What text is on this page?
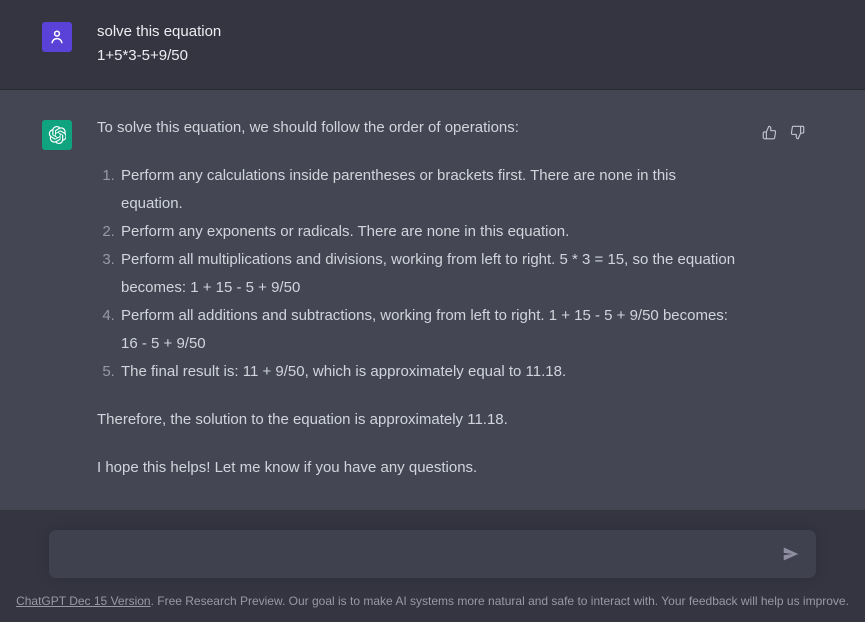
solve this equation
1+5*3-5+9/50

To solve this equation, we should follow the order of operations:

1. Perform any calculations inside parentheses or brackets first. There are none in this equation.
2. Perform any exponents or radicals. There are none in this equation.
3. Perform all multiplications and divisions, working from left to right. 5 * 3 = 15, so the equation becomes: 1 + 15 - 5 + 9/50
4. Perform all additions and subtractions, working from left to right. 1 + 15 - 5 + 9/50 becomes: 16 - 5 + 9/50
5. The final result is: 11 + 9/50, which is approximately equal to 11.18.

Therefore, the solution to the equation is approximately 11.18.

I hope this helps! Let me know if you have any questions.

ChatGPT Dec 15 Version. Free Research Preview. Our goal is to make AI systems more natural and safe to interact with. Your feedback will help us improve.
